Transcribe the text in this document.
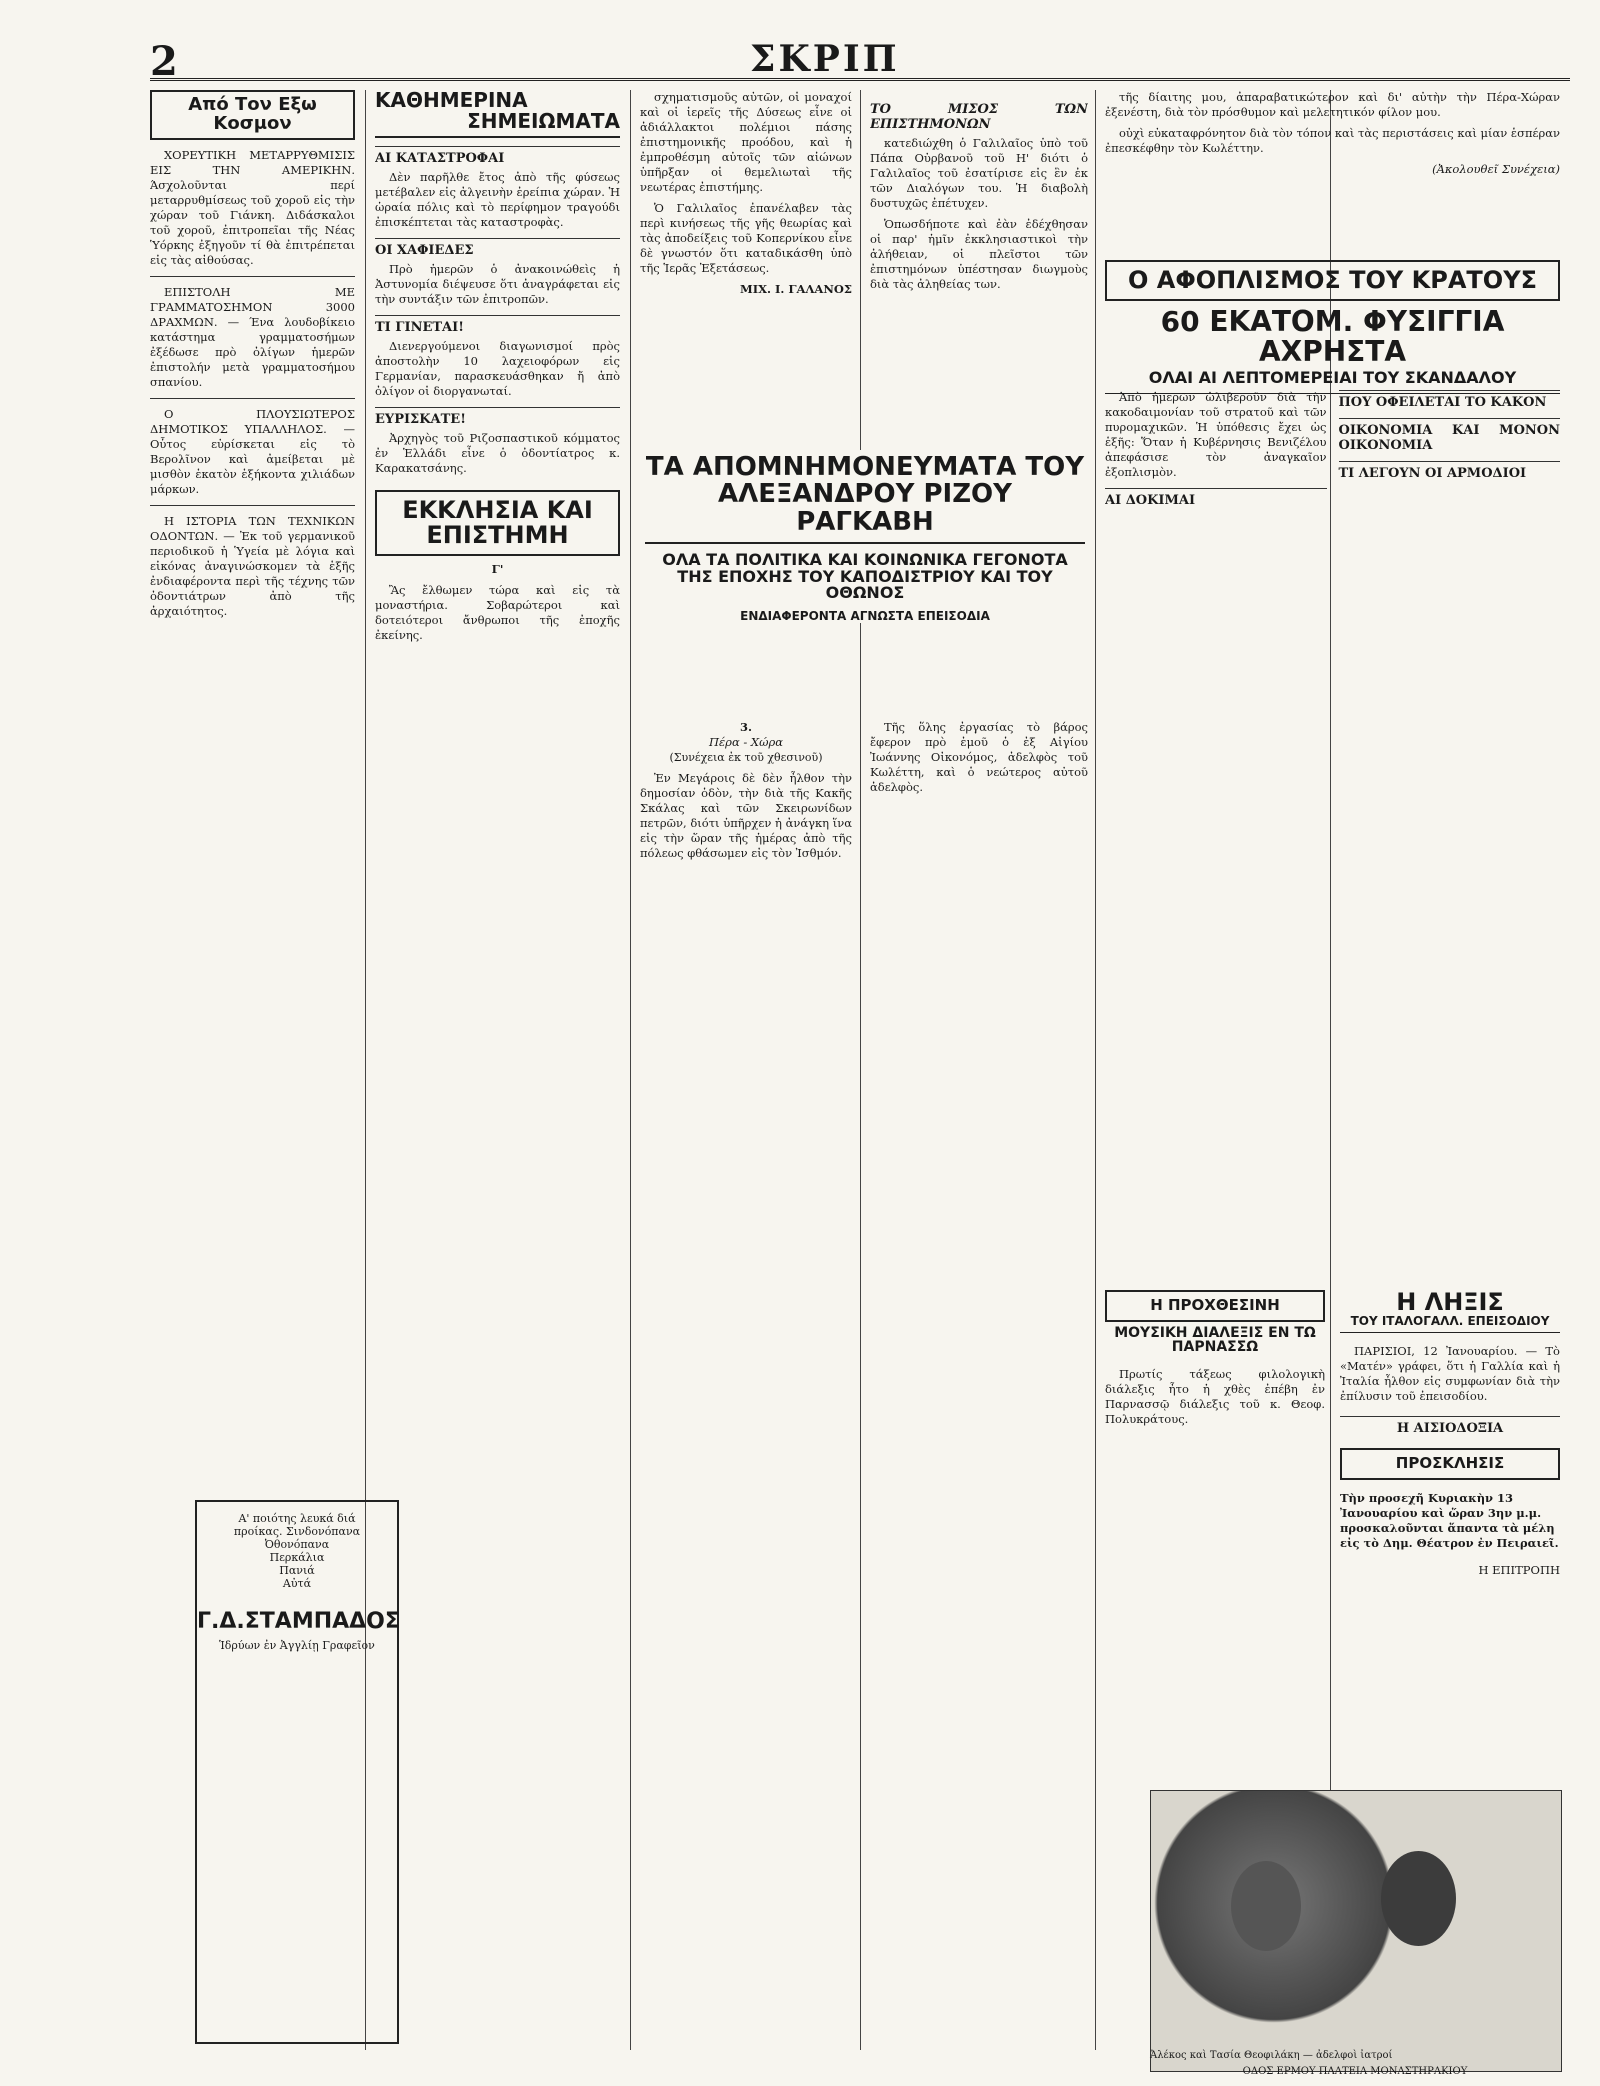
2	ΣΚΡΙΠ
Από Τον Εξω Κοσμον

ΧΟΡΕΥΤΙΚΗ ΜΕΤΑΡΡΥΘΜΙΣΙΣ ΕΙΣ ΤΗΝ ΑΜΕΡΙΚΗΝ. Άσχολοῦνται περί μεταρρυθμίσεως τοῦ χοροῦ εἰς τὴν χώραν τοῦ Γιάνκη. Διδάσκαλοι τοῦ χοροῦ, ἐπιτροπεῖαι τῆς Νέας Ὑόρκης ἐξηγοῦν τί θὰ ἐπιτρέπεται εἰς τὰς αἰθούσας.

ΕΠΙΣΤΟΛΗ ΜΕ ΓΡΑΜΜΑΤΟΣΗΜΟΝ 3000 ΔΡΑΧΜΩΝ. — Ένα λουδοβίκειο κατάστημα γραμματοσήμων ἐξέδωσε πρὸ ὀλίγων ἡμερῶν ἐπιστολήν μετὰ γραμματοσήμου σπανίου.

Ο ΠΛΟΥΣΙΩΤΕΡΟΣ ΔΗΜΟΤΙΚΟΣ ΥΠΑΛΛΗΛΟΣ. — Οὗτος εὑρίσκεται εἰς τὸ Βερολῖνον καὶ ἀμείβεται μὲ μισθὸν ἑκατὸν ἑξήκοντα χιλιάδων μάρκων.

Η ΙΣΤΟΡΙΑ ΤΩΝ ΤΕΧΝΙΚΩΝ ΟΔΟΝΤΩΝ. — Ἐκ τοῦ γερμανικοῦ περιοδικοῦ ἡ Ὑγεία μὲ λόγια καὶ εἰκόνας ἀναγινώσκομεν τὰ ἑξῆς ἐνδιαφέροντα περὶ τῆς τέχνης τῶν ὀδοντιάτρων ἀπὸ τῆς ἀρχαιότητος.

Α' ποιότης λευκά διά
προίκας. Σινδονόπανα
Ὀθονόπανα
Περκάλια
Πανιά
Αὐτά
Γ.Δ.ΣΤΑΜΠΑΔΟΣ
Ἱδρύων ἐν Ἀγγλίῃ Γραφεῖον
ΚΑΘΗΜΕΡΙΝΑ
ΣΗΜΕΙΩΜΑΤΑ
ΑΙ ΚΑΤΑΣΤΡΟΦΑΙ

Δὲν παρῆλθε ἔτος ἀπὸ τῆς φύσεως μετέβαλεν εἰς ἀλγεινὴν ἐρείπια χώραν. Ἡ ὡραία πόλις καὶ τὸ περίφημον τραγούδι ἐπισκέπτεται τὰς καταστροφὰς.

ΟΙ ΧΑΦΙΕΔΕΣ

Πρὸ ἡμερῶν ὁ ἀνακοινώθεὶς ἡ Ἀστυνομία διέψευσε ὅτι ἀναγράφεται εἰς τὴν συντάξιν τῶν ἐπιτροπῶν.

ΤΙ ΓΙΝΕΤΑΙ!

Διενεργούμενοι διαγωνισμοί πρὸς ἀποστολὴν 10 λαχειοφόρων εἰς Γερμανίαν, παρασκευάσθηκαν ἤ ἀπὸ ὀλίγον οἱ διοργανωταί.

ΕΥΡΙΣΚΑΤΕ!

Ἀρχηγὸς τοῦ Ριζοσπαστικοῦ κόμματος ἐν Ἑλλάδι εἶνε ὁ ὀδοντίατρος κ. Καρακατσάνης.

ΕΚΚΛΗΣΙΑ ΚΑΙ ΕΠΙΣΤΗΜΗ
Γ'

Ἂς ἔλθωμεν τώρα καὶ εἰς τὰ μοναστήρια. Σοβαρώτεροι καὶ δοτειότεροι ἄνθρωποι τῆς ἐποχῆς ἐκείνης.

σχηματισμοῦς αὐτῶν, οἱ μοναχοί καὶ οἱ ἱερεῖς τῆς Δύσεως εἶνε οἱ ἀδιάλλακτοι πολέμιοι πάσης ἐπιστημονικῆς προόδου, καὶ ἡ ἐμπροθέσμη αὐτοῖς τῶν αἰώνων ὑπῆρξαν οἱ θεμελιωταὶ τῆς νεωτέρας ἐπιστήμης.

Ὁ Γαλιλαῖος ἐπανέλαβεν τὰς περὶ κινήσεως τῆς γῆς θεωρίας καὶ τὰς ἀποδείξεις τοῦ Κοπερνίκου εἶνε δὲ γνωστόν ὅτι καταδικάσθη ὑπὸ τῆς Ἱερᾶς Ἐξετάσεως.

ΜΙΧ. Ι. ΓΑΛΑΝΟΣ
ΤΑ ΑΠΟΜΝΗΜΟΝΕΥΜΑΤΑ ΤΟΥ ΑΛΕΞΑΝΔΡΟΥ ΡΙΖΟΥ ΡΑΓΚΑΒΗ
ΟΛΑ ΤΑ ΠΟΛΙΤΙΚΑ ΚΑΙ ΚΟΙΝΩΝΙΚΑ ΓΕΓΟΝΟΤΑ ΤΗΣ ΕΠΟΧΗΣ ΤΟΥ ΚΑΠΟΔΙΣΤΡΙΟΥ ΚΑΙ ΤΟΥ ΟΘΩΝΟΣ
ΕΝΔΙΑΦΕΡΟΝΤΑ ΑΓΝΩΣΤΑ ΕΠΕΙΣΟΔΙΑ
3.
Πέρα - Χώρα
(Συνέχεια ἐκ τοῦ χθεσινοῦ)

Ἐν Μεγάροις δὲ δὲν ἦλθον τὴν δημοσίαν ὁδὸν, τὴν διὰ τῆς Κακῆς Σκάλας καὶ τῶν Σκειρωνίδων πετρῶν, διότι ὑπῆρχεν ἡ ἀνάγκη ἵνα εἰς τὴν ὥραν τῆς ἡμέρας ἀπὸ τῆς πόλεως φθάσωμεν εἰς τὸν Ἰσθμόν.

ΤΟ ΜΙΣΟΣ ΤΩΝ ΕΠΙΣΤΗΜΟΝΩΝ

κατεδιώχθη ὁ Γαλιλαῖος ὑπὸ τοῦ Πάπα Οὐρβανοῦ τοῦ Η' διότι ὁ Γαλιλαῖος τοῦ ἐσατίρισε εἰς ἓν ἐκ τῶν Διαλόγων του. Ἡ διαβολὴ δυστυχῶς ἐπέτυχεν.

Ὁπωσδήποτε καὶ ἐὰν ἐδέχθησαν οἱ παρ' ἡμῖν ἐκκλησιαστικοὶ τὴν ἀλήθειαν, οἱ πλεῖστοι τῶν ἐπιστημόνων ὑπέστησαν διωγμοὺς διὰ τὰς ἀληθείας των.

Τῆς ὅλης ἐργασίας τὸ βάρος ἔφερον πρὸ ἐμοῦ ὁ ἐξ Αἰγίου Ἰωάννης Οἰκονόμος, ἀδελφὸς τοῦ Κωλέττη, καὶ ὁ νεώτερος αὐτοῦ ἀδελφὸς.

τῆς δίαιτης μου, ἀπαραβατικώτερον καὶ δι' αὐτὴν τὴν Πέρα-Χώραν ἐξενέστη, διὰ τὸν πρόσθυμον καὶ μελετητικόν φίλον μου.

οὐχὶ εὐκαταφρόνητον διὰ τὸν τόπον καὶ τὰς περιστάσεις καὶ μίαν ἑσπέραν ἐπεσκέφθην τὸν Κωλέττην.

(Ἀκολουθεῖ Συνέχεια)
Ο ΑΦΟΠΛΙΣΜΟΣ ΤΟΥ ΚΡΑΤΟΥΣ
60 ΕΚΑΤΟΜ. ΦΥΣΙΓΓΙΑ ΑΧΡΗΣΤΑ
ΟΛΑΙ ΑΙ ΛΕΠΤΟΜΕΡΕΙΑΙ ΤΟΥ ΣΚΑΝΔΑΛΟΥ

Ἀπὸ ἡμερῶν ὠλιβεροῦν διὰ τὴν κακοδαιμονίαν τοῦ στρατοῦ καὶ τῶν πυρομαχικῶν. Ἡ ὑπόθεσις ἔχει ὡς ἑξῆς: Ὅταν ἡ Κυβέρνησις Βενιζέλου ἀπεφάσισε τὸν ἀναγκαῖον ἐξοπλισμὸν.

ΑΙ ΔΟΚΙΜΑΙ
ΠΟΥ ΟΦΕΙΛΕΤΑΙ ΤΟ ΚΑΚΟΝ
ΟΙΚΟΝΟΜΙΑ ΚΑΙ ΜΟΝΟΝ ΟΙΚΟΝΟΜΙΑ
ΤΙ ΛΕΓΟΥΝ ΟΙ ΑΡΜΟΔΙΟΙ
Η ΠΡΟΧΘΕΣΙΝΗ
ΜΟΥΣΙΚΗ ΔΙΑΛΕΞΙΣ ΕΝ ΤΩ ΠΑΡΝΑΣΣΩ

Πρωτίς τάξεως φιλολογικὴ διάλεξις ἦτο ἡ χθὲς ἐπέβη ἐν Παρνασσῷ διάλεξις τοῦ κ. Θεοφ. Πολυκράτους.

Η ΛΗΞΙΣ
ΤΟΥ ΙΤΑΛΟΓΑΛΛ. ΕΠΕΙΣΟΔΙΟΥ

ΠΑΡΙΣΙΟΙ, 12 Ἰανουαρίου. — Τὸ «Ματέν» γράφει, ὅτι ἡ Γαλλία καὶ ἡ Ἰταλία ἦλθον εἰς συμφωνίαν διὰ τὴν ἐπίλυσιν τοῦ ἐπεισοδίου.

Η ΑΙΣΙΟΔΟΞΙΑ
ΠΡΟΣΚΛΗΣΙΣ

Τὴν προσεχῆ Κυριακὴν 13 Ἰανουαρίου καὶ ὥραν 3ην μ.μ. προσκαλοῦνται ἅπαντα τὰ μέλη εἰς τὸ Δημ. Θέατρον ἐν Πειραιεῖ.

Η ΕΠΙΤΡΟΠΗ
Ἀλέκος καὶ Τασία Θεοφιλάκη — ἀδελφοὶ ἰατροί
ΟΔΟΣ ΕΡΜΟΥ ΠΛΑΤΕΙΑ ΜΟΝΑΣΤΗΡΑΚΙΟΥ
